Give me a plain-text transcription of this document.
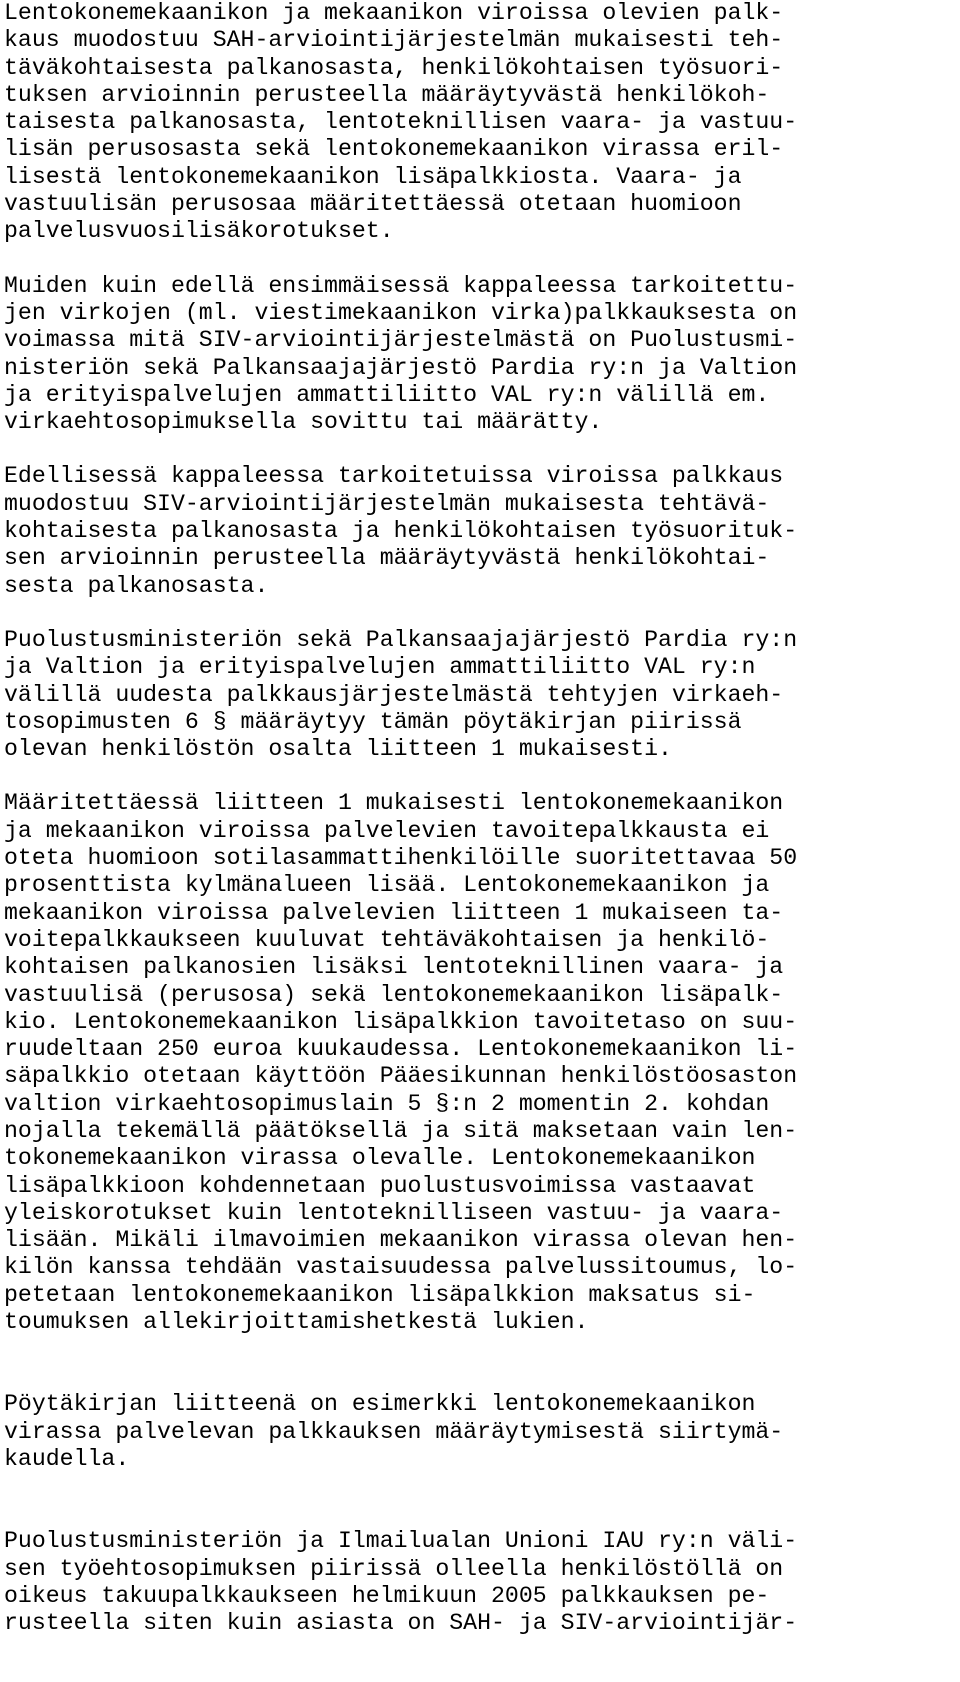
Lentokonemekaanikon ja mekaanikon viroissa olevien palk-
kaus muodostuu SAH-arviointijärjestelmän mukaisesti teh-
täväkohtaisesta palkanosasta, henkilökohtaisen työsuori-
tuksen arvioinnin perusteella määräytyvästä henkilökoh-
taisesta palkanosasta, lentoteknillisen vaara- ja vastuu-
lisän perusosasta sekä lentokonemekaanikon virassa eril-
lisestä lentokonemekaanikon lisäpalkkiosta. Vaara- ja
vastuulisän perusosaa määritettäessä otetaan huomioon
palvelusvuosilisäkorotukset.
Muiden kuin edellä ensimmäisessä kappaleessa tarkoitettu-
jen virkojen (ml. viestimekaanikon virka)palkkauksesta on
voimassa mitä SIV-arviointijärjestelmästä on Puolustusmi-
nisteriön sekä Palkansaajajärjestö Pardia ry:n ja Valtion
ja erityispalvelujen ammattiliitto VAL ry:n välillä em.
virkaehtosopimuksella sovittu tai määrätty.
Edellisessä kappaleessa tarkoitetuissa viroissa palkkaus
muodostuu SIV-arviointijärjestelmän mukaisesta tehtävä-
kohtaisesta palkanosasta ja henkilökohtaisen työsuorituk-
sen arvioinnin perusteella määräytyvästä henkilökohtai-
sesta palkanosasta.
Puolustusministeriön sekä Palkansaajajärjestö Pardia ry:n
ja Valtion ja erityispalvelujen ammattiliitto VAL ry:n
välillä uudesta palkkausjärjestelmästä tehtyjen virkaeh-
tosopimusten 6 § määräytyy tämän pöytäkirjan piirissä
olevan henkilöstön osalta liitteen 1 mukaisesti.
Määritettäessä liitteen 1 mukaisesti lentokonemekaanikon
ja mekaanikon viroissa palvelevien tavoitepalkkausta ei
oteta huomioon sotilasammattihenkilöille suoritettavaa 50
prosenttista kylmänalueen lisää. Lentokonemekaanikon ja
mekaanikon viroissa palvelevien liitteen 1 mukaiseen ta-
voitepalkkaukseen kuuluvat tehtäväkohtaisen ja henkilö-
kohtaisen palkanosien lisäksi lentoteknillinen vaara- ja
vastuulisä (perusosa) sekä lentokonemekaanikon lisäpalk-
kio. Lentokonemekaanikon lisäpalkkion tavoitetaso on suu-
ruudeltaan 250 euroa kuukaudessa. Lentokonemekaanikon li-
säpalkkio otetaan käyttöön Pääesikunnan henkilöstöosaston
valtion virkaehtosopimuslain 5 §:n 2 momentin 2. kohdan
nojalla tekemällä päätöksellä ja sitä maksetaan vain len-
tokonemekaanikon virassa olevalle. Lentokonemekaanikon
lisäpalkkioon kohdennetaan puolustusvoimissa vastaavat
yleiskorotukset kuin lentoteknilliseen vastuu- ja vaara-
lisään. Mikäli ilmavoimien mekaanikon virassa olevan hen-
kilön kanssa tehdään vastaisuudessa palvelussitoumus, lo-
petetaan lentokonemekaanikon lisäpalkkion maksatus si-
toumuksen allekirjoittamishetkestä lukien.
Pöytäkirjan liitteenä on esimerkki lentokonemekaanikon
virassa palvelevan palkkauksen määräytymisestä siirtymä-
kaudella.
Puolustusministeriön ja Ilmailualan Unioni IAU ry:n väli-
sen työehtosopimuksen piirissä olleella henkilöstöllä on
oikeus takuupalkkaukseen helmikuun 2005 palkkauksen pe-
rusteella siten kuin asiasta on SAH- ja SIV-arviointijär-
